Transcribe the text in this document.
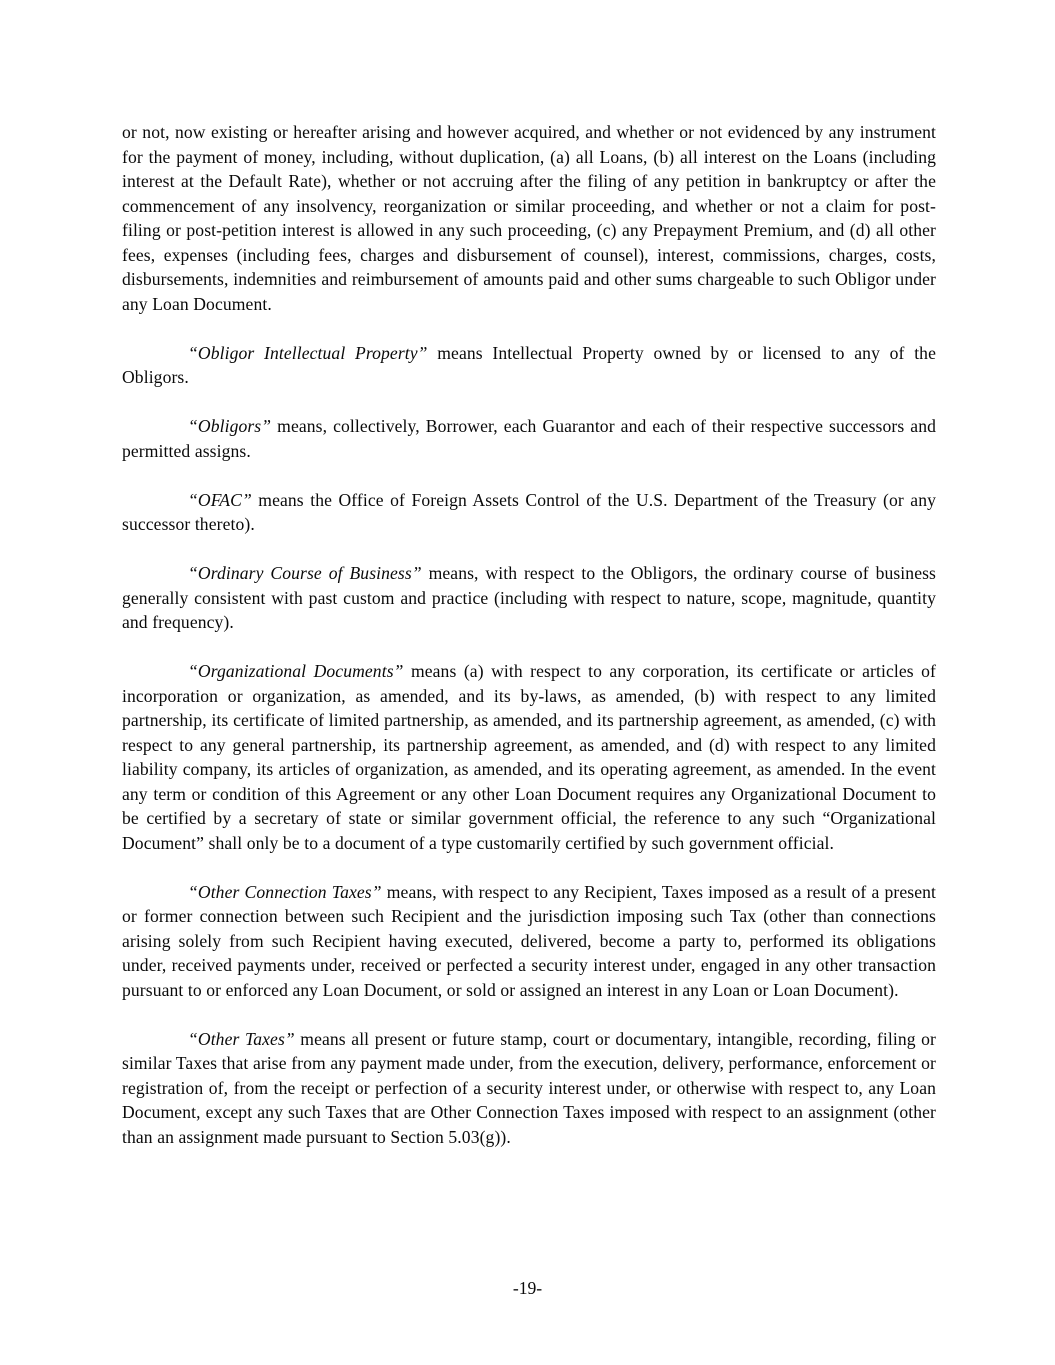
or not, now existing or hereafter arising and however acquired, and whether or not evidenced by any instrument for the payment of money, including, without duplication, (a) all Loans, (b) all interest on the Loans (including interest at the Default Rate), whether or not accruing after the filing of any petition in bankruptcy or after the commencement of any insolvency, reorganization or similar proceeding, and whether or not a claim for post-filing or post-petition interest is allowed in any such proceeding, (c) any Prepayment Premium, and (d) all other fees, expenses (including fees, charges and disbursement of counsel), interest, commissions, charges, costs, disbursements, indemnities and reimbursement of amounts paid and other sums chargeable to such Obligor under any Loan Document.

“Obligor Intellectual Property” means Intellectual Property owned by or licensed to any of the Obligors.

“Obligors” means, collectively, Borrower, each Guarantor and each of their respective successors and permitted assigns.

“OFAC” means the Office of Foreign Assets Control of the U.S. Department of the Treasury (or any successor thereto).

“Ordinary Course of Business” means, with respect to the Obligors, the ordinary course of business generally consistent with past custom and practice (including with respect to nature, scope, magnitude, quantity and frequency).

“Organizational Documents” means (a) with respect to any corporation, its certificate or articles of incorporation or organization, as amended, and its by-laws, as amended, (b) with respect to any limited partnership, its certificate of limited partnership, as amended, and its partnership agreement, as amended, (c) with respect to any general partnership, its partnership agreement, as amended, and (d) with respect to any limited liability company, its articles of organization, as amended, and its operating agreement, as amended. In the event any term or condition of this Agreement or any other Loan Document requires any Organizational Document to be certified by a secretary of state or similar government official, the reference to any such “Organizational Document” shall only be to a document of a type customarily certified by such government official.

“Other Connection Taxes” means, with respect to any Recipient, Taxes imposed as a result of a present or former connection between such Recipient and the jurisdiction imposing such Tax (other than connections arising solely from such Recipient having executed, delivered, become a party to, performed its obligations under, received payments under, received or perfected a security interest under, engaged in any other transaction pursuant to or enforced any Loan Document, or sold or assigned an interest in any Loan or Loan Document).

“Other Taxes” means all present or future stamp, court or documentary, intangible, recording, filing or similar Taxes that arise from any payment made under, from the execution, delivery, performance, enforcement or registration of, from the receipt or perfection of a security interest under, or otherwise with respect to, any Loan Document, except any such Taxes that are Other Connection Taxes imposed with respect to an assignment (other than an assignment made pursuant to Section 5.03(g)).

-19-
